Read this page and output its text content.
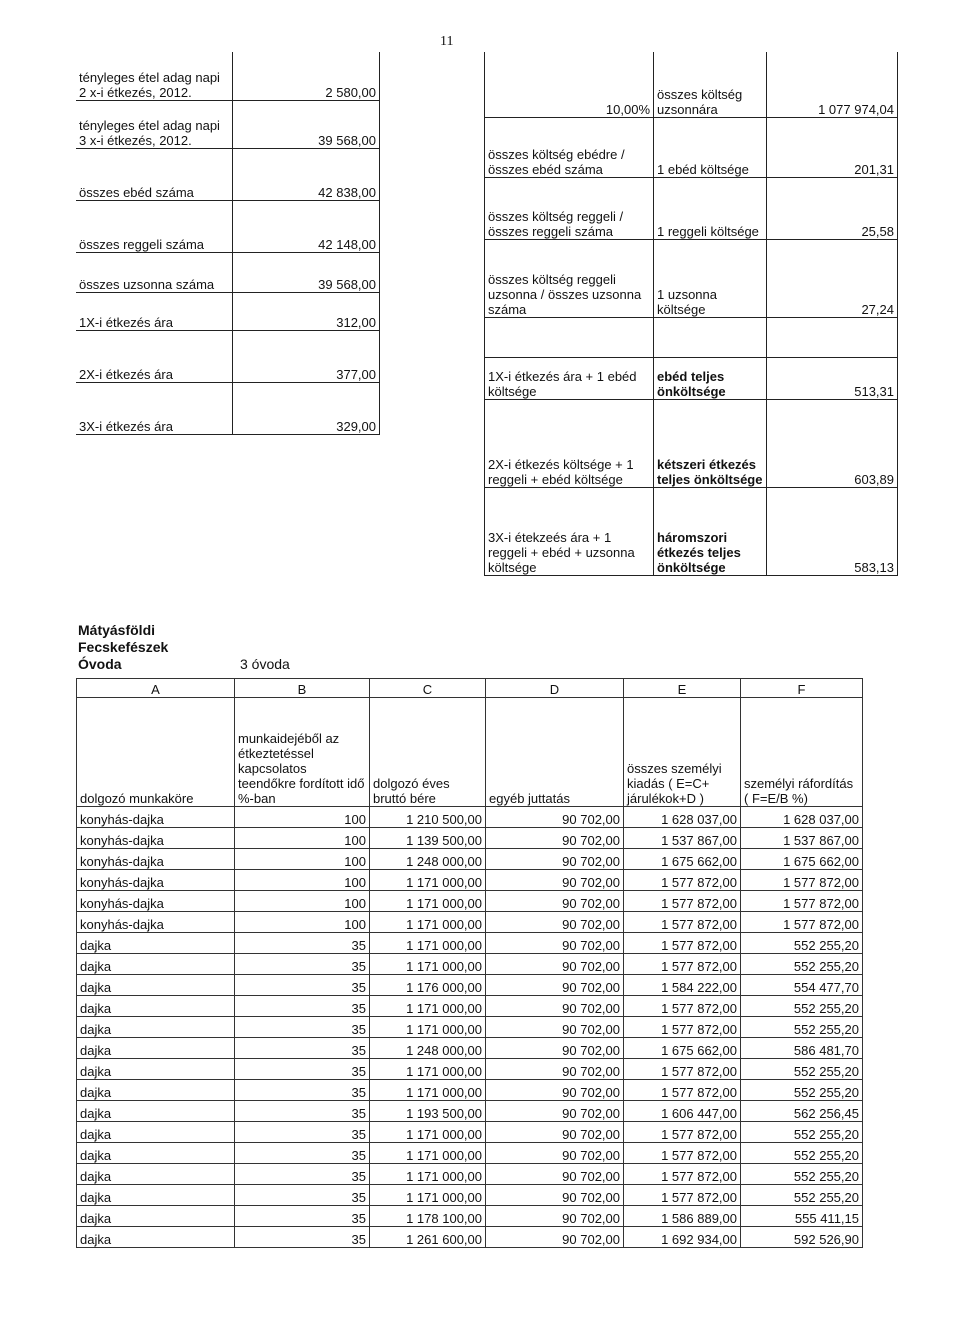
11
tényleges étel adag napi 2 x-i étkezés, 2012.	2 580,00
tényleges étel adag napi 3 x-i étkezés, 2012.	39 568,00
összes ebéd száma	42 838,00
összes reggeli száma	42 148,00
összes uzsonna száma	39 568,00
1X-i étkezés ára	312,00
2X-i étkezés ára	377,00
3X-i étkezés ára	329,00
10,00%	összes költség uzsonnára	1 077 974,04
összes költség ebédre /összes ebéd száma	1 ebéd költsége	201,31
összes költség reggeli /összes reggeli száma	1 reggeli költsége	25,58
összes költség reggeli uzsonna / összes uzsonna száma	1 uzsonna költsége	27,24

1X-i étkezés ára + 1 ebéd költsége	ebéd teljes önköltsége	513,31
2X-i étkezés költsége + 1 reggeli + ebéd költsége	kétszeri étkezés teljes önköltsége	603,89
3X-i étekzeés ára + 1 reggeli + ebéd + uzsonna költsége	háromszori étkezés teljes önköltsége	583,13
Mátyásföldi
Fecskefészek
Óvoda	3 óvoda
A	B	C	D	E	F
dolgozó munkaköre	munkaidejéből az étkeztetéssel kapcsolatos teendőkre fordított idő %-ban	dolgozó éves bruttó bére	egyéb juttatás	összes személyi kiadás ( E=C+ járulékok+D )	személyi ráfordítás ( F=E/B %)
konyhás-dajka	100	1 210 500,00	90 702,00	1 628 037,00	1 628 037,00
konyhás-dajka	100	1 139 500,00	90 702,00	1 537 867,00	1 537 867,00
konyhás-dajka	100	1 248 000,00	90 702,00	1 675 662,00	1 675 662,00
konyhás-dajka	100	1 171 000,00	90 702,00	1 577 872,00	1 577 872,00
konyhás-dajka	100	1 171 000,00	90 702,00	1 577 872,00	1 577 872,00
konyhás-dajka	100	1 171 000,00	90 702,00	1 577 872,00	1 577 872,00
dajka	35	1 171 000,00	90 702,00	1 577 872,00	552 255,20
dajka	35	1 171 000,00	90 702,00	1 577 872,00	552 255,20
dajka	35	1 176 000,00	90 702,00	1 584 222,00	554 477,70
dajka	35	1 171 000,00	90 702,00	1 577 872,00	552 255,20
dajka	35	1 171 000,00	90 702,00	1 577 872,00	552 255,20
dajka	35	1 248 000,00	90 702,00	1 675 662,00	586 481,70
dajka	35	1 171 000,00	90 702,00	1 577 872,00	552 255,20
dajka	35	1 171 000,00	90 702,00	1 577 872,00	552 255,20
dajka	35	1 193 500,00	90 702,00	1 606 447,00	562 256,45
dajka	35	1 171 000,00	90 702,00	1 577 872,00	552 255,20
dajka	35	1 171 000,00	90 702,00	1 577 872,00	552 255,20
dajka	35	1 171 000,00	90 702,00	1 577 872,00	552 255,20
dajka	35	1 171 000,00	90 702,00	1 577 872,00	552 255,20
dajka	35	1 178 100,00	90 702,00	1 586 889,00	555 411,15
dajka	35	1 261 600,00	90 702,00	1 692 934,00	592 526,90
